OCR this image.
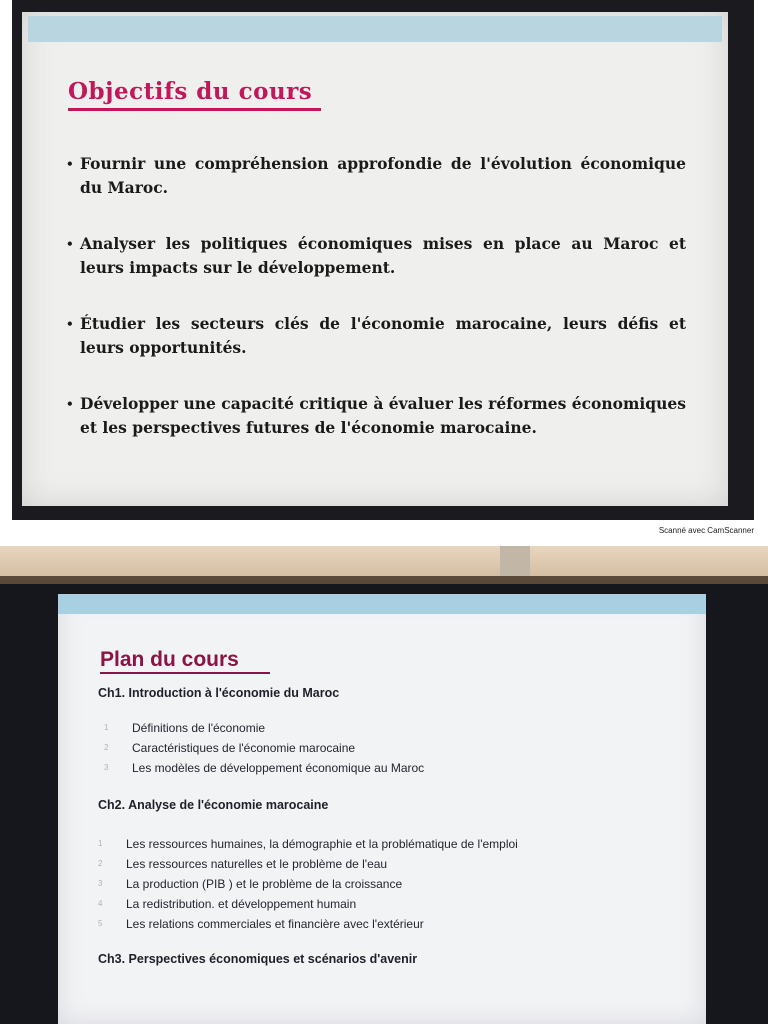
Objectifs du cours
• Fournir une compréhension approfondie de l'évolution économique du Maroc.
• Analyser les politiques économiques mises en place au Maroc et leurs impacts sur le développement.
• Étudier les secteurs clés de l'économie marocaine, leurs défis et leurs opportunités.
• Développer une capacité critique à évaluer les réformes économiques et les perspectives futures de l'économie marocaine.
Scanné avec CamScanner
Plan du cours
Ch1. Introduction à l'économie du Maroc
1	Définitions de l'économie
2	Caractéristiques de l'économie marocaine
3	Les modèles de développement économique au Maroc
Ch2. Analyse de l'économie marocaine
1	Les ressources humaines, la démographie et la problématique de l'emploi
2	Les ressources naturelles et le problème de l'eau
3	La production (PIB ) et le problème de la croissance
4	La redistribution. et développement humain
5	Les relations commerciales et financière avec l'extérieur
Ch3. Perspectives économiques et scénarios d'avenir
